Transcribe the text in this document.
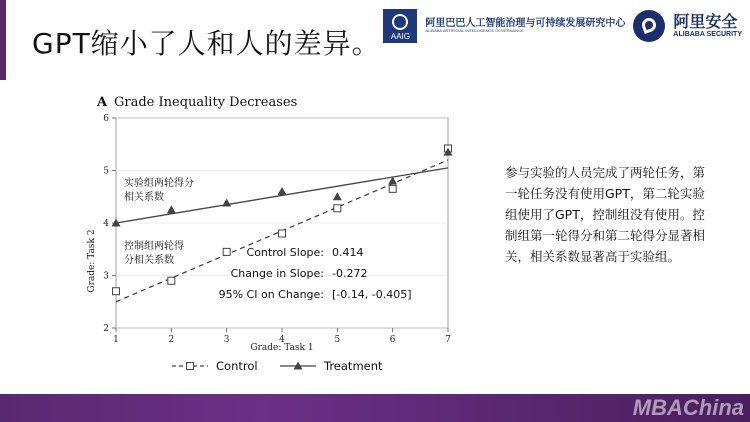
GPT缩小了人和人的差异。 AAIG
阿里巴巴人工智能治理与可持续发展研究中心
ALIBABA ARTIFICIAL INTELLIGENCE GOVERNANCE	阿里安全
ALIBABA SECURITY
A Grade Inequality Decreases
2
3
4
5
6
1	2	3	4	5	6	7
Grade: Task 2
Grade: Task 1
实验组两轮得分
相关系数
控制组两轮得
分相关系数
Control Slope: 0.414
Change in Slope: -0.272
95% CI on Change: [-0.14, -0.405]
Control	Treatment
参与实验的人员完成了两轮任务，第一轮任务没有使用GPT，第二轮实验组使用了GPT，控制组没有使用。控制组第一轮得分和第二轮得分显著相关，相关系数显著高于实验组。
MBAChina
